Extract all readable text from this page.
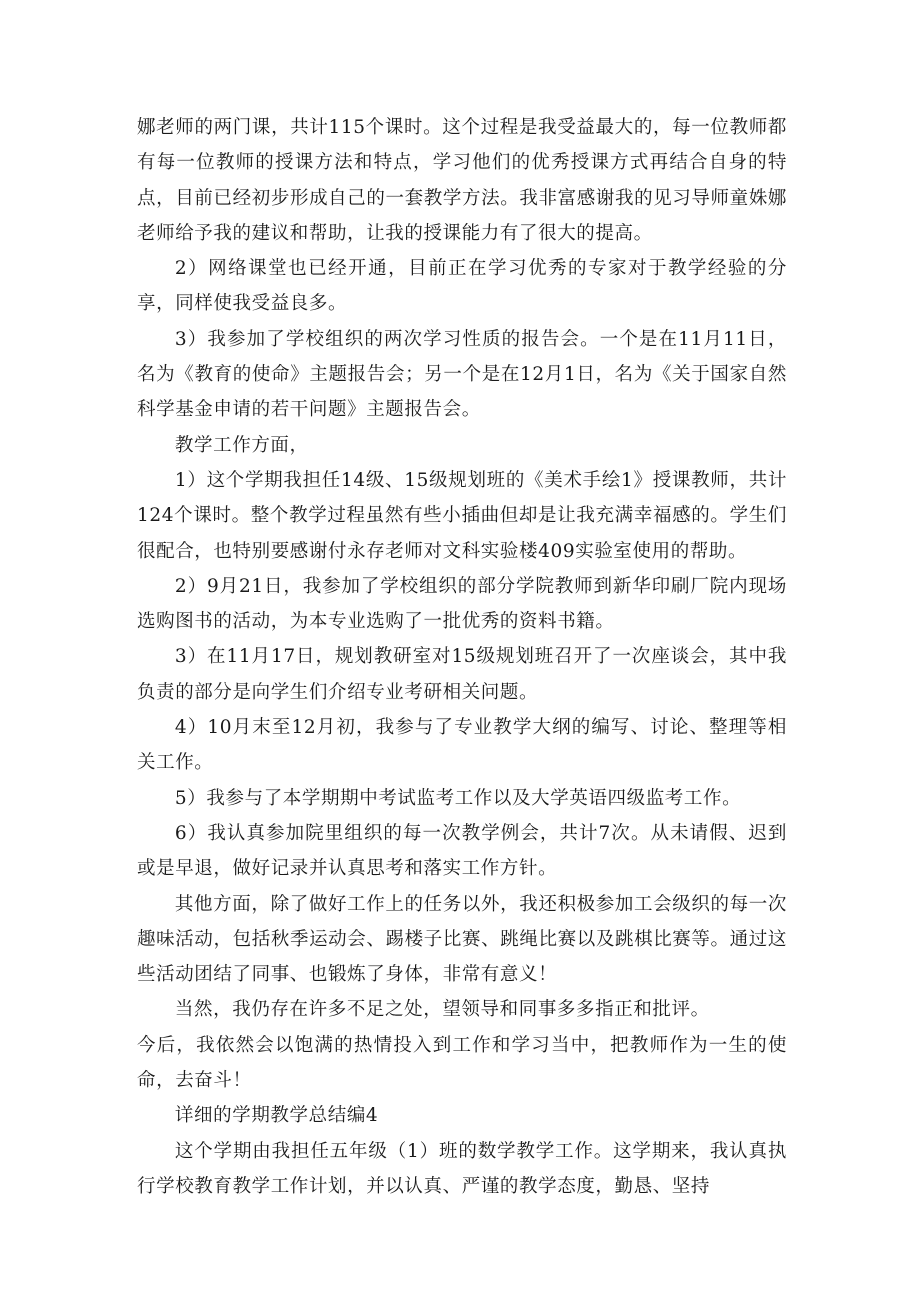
娜老师的两门课，共计115个课时。这个过程是我受益最大的，每一位教师都有每一位教师的授课方法和特点，学习他们的优秀授课方式再结合自身的特点，目前已经初步形成自己的一套教学方法。我非富感谢我的见习导师童姝娜老师给予我的建议和帮助，让我的授课能力有了很大的提高。

2）网络课堂也已经开通，目前正在学习优秀的专家对于教学经验的分享，同样使我受益良多。

3）我参加了学校组织的两次学习性质的报告会。一个是在11月11日，名为《教育的使命》主题报告会；另一个是在12月1日，名为《关于国家自然科学基金申请的若干问题》主题报告会。

教学工作方面，

1）这个学期我担任14级、15级规划班的《美术手绘1》授课教师，共计124个课时。整个教学过程虽然有些小插曲但却是让我充满幸福感的。学生们很配合，也特别要感谢付永存老师对文科实验楼409实验室使用的帮助。

2）9月21日，我参加了学校组织的部分学院教师到新华印刷厂院内现场选购图书的活动，为本专业选购了一批优秀的资料书籍。

3）在11月17日，规划教研室对15级规划班召开了一次座谈会，其中我负责的部分是向学生们介绍专业考研相关问题。

4）10月末至12月初，我参与了专业教学大纲的编写、讨论、整理等相关工作。

5）我参与了本学期期中考试监考工作以及大学英语四级监考工作。

6）我认真参加院里组织的每一次教学例会，共计7次。从未请假、迟到或是早退，做好记录并认真思考和落实工作方针。

其他方面，除了做好工作上的任务以外，我还积极参加工会级织的每一次趣味活动，包括秋季运动会、踢楼子比赛、跳绳比赛以及跳棋比赛等。通过这些活动团结了同事、也锻炼了身体，非常有意义！

当然，我仍存在许多不足之处，望领导和同事多多指正和批评。

今后，我依然会以饱满的热情投入到工作和学习当中，把教师作为一生的使命，去奋斗！

详细的学期教学总结编4

这个学期由我担任五年级（1）班的数学教学工作。这学期来，我认真执行学校教育教学工作计划，并以认真、严谨的教学态度，勤恳、坚持
